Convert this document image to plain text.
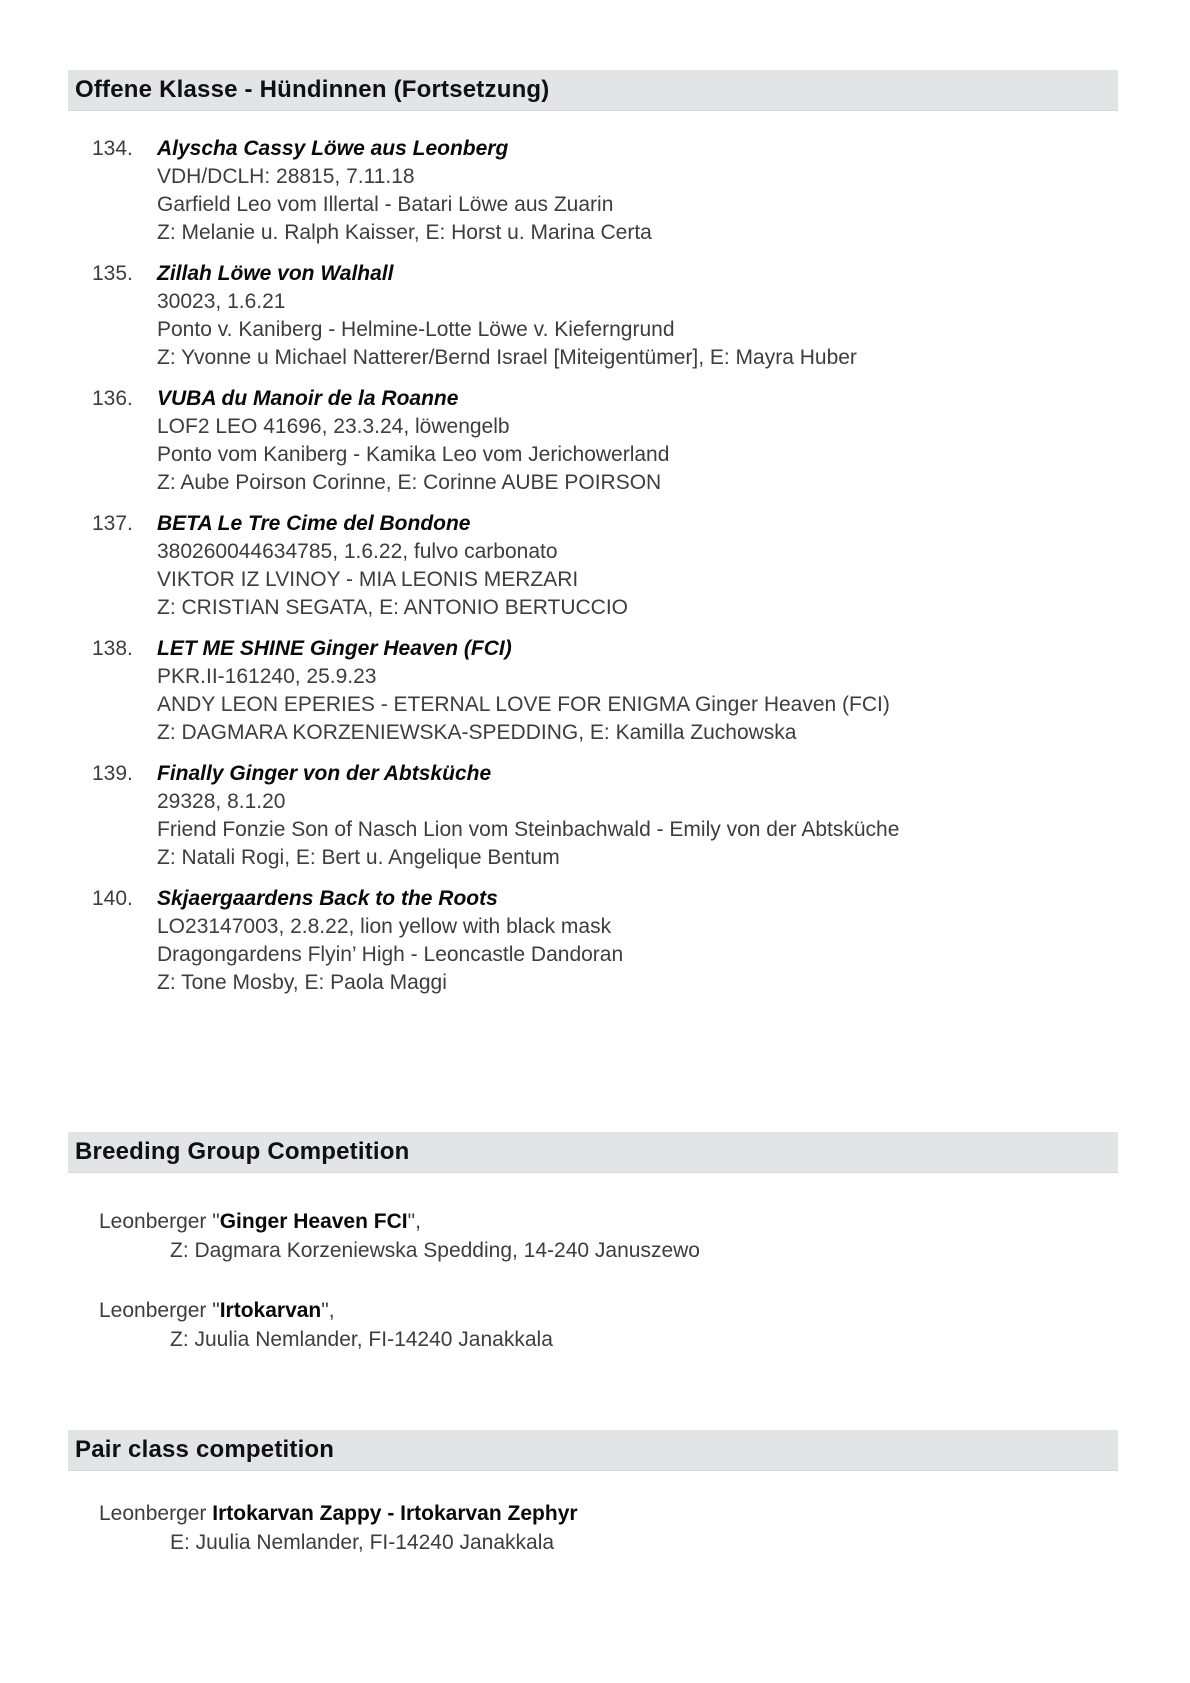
Offene Klasse - Hündinnen (Fortsetzung)
134.	Alyscha Cassy Löwe aus Leonberg
VDH/DCLH: 28815, 7.11.18
Garfield Leo vom Illertal - Batari Löwe aus Zuarin
Z: Melanie u. Ralph Kaisser, E: Horst u. Marina Certa
135.	Zillah Löwe von Walhall
30023, 1.6.21
Ponto v. Kaniberg - Helmine-Lotte Löwe v. Kieferngrund
Z: Yvonne u Michael Natterer/Bernd Israel [Miteigentümer], E: Mayra Huber
136.	VUBA du Manoir de la Roanne
LOF2 LEO 41696, 23.3.24, löwengelb
Ponto vom Kaniberg - Kamika Leo vom Jerichowerland
Z: Aube Poirson Corinne, E: Corinne AUBE POIRSON
137.	BETA Le Tre Cime del Bondone
380260044634785, 1.6.22, fulvo carbonato
VIKTOR IZ LVINOY - MIA LEONIS MERZARI
Z: CRISTIAN SEGATA, E: ANTONIO BERTUCCIO
138.	LET ME SHINE Ginger Heaven (FCI)
PKR.II-161240, 25.9.23
ANDY LEON EPERIES - ETERNAL LOVE FOR ENIGMA Ginger Heaven (FCI)
Z: DAGMARA KORZENIEWSKA-SPEDDING, E: Kamilla Zuchowska
139.	Finally Ginger von der Abtsküche
29328, 8.1.20
Friend Fonzie Son of Nasch Lion vom Steinbachwald - Emily von der Abtsküche
Z: Natali Rogi, E: Bert u. Angelique Bentum
140.	Skjaergaardens Back to the Roots
LO23147003, 2.8.22, lion yellow with black mask
Dragongardens Flyin’ High - Leoncastle Dandoran
Z: Tone Mosby, E: Paola Maggi
Breeding Group Competition
Leonberger "Ginger Heaven FCI",
Z: Dagmara Korzeniewska Spedding, 14-240 Januszewo
Leonberger "Irtokarvan",
Z: Juulia Nemlander, FI-14240 Janakkala
Pair class competition
Leonberger Irtokarvan Zappy - Irtokarvan Zephyr
E: Juulia Nemlander, FI-14240 Janakkala
